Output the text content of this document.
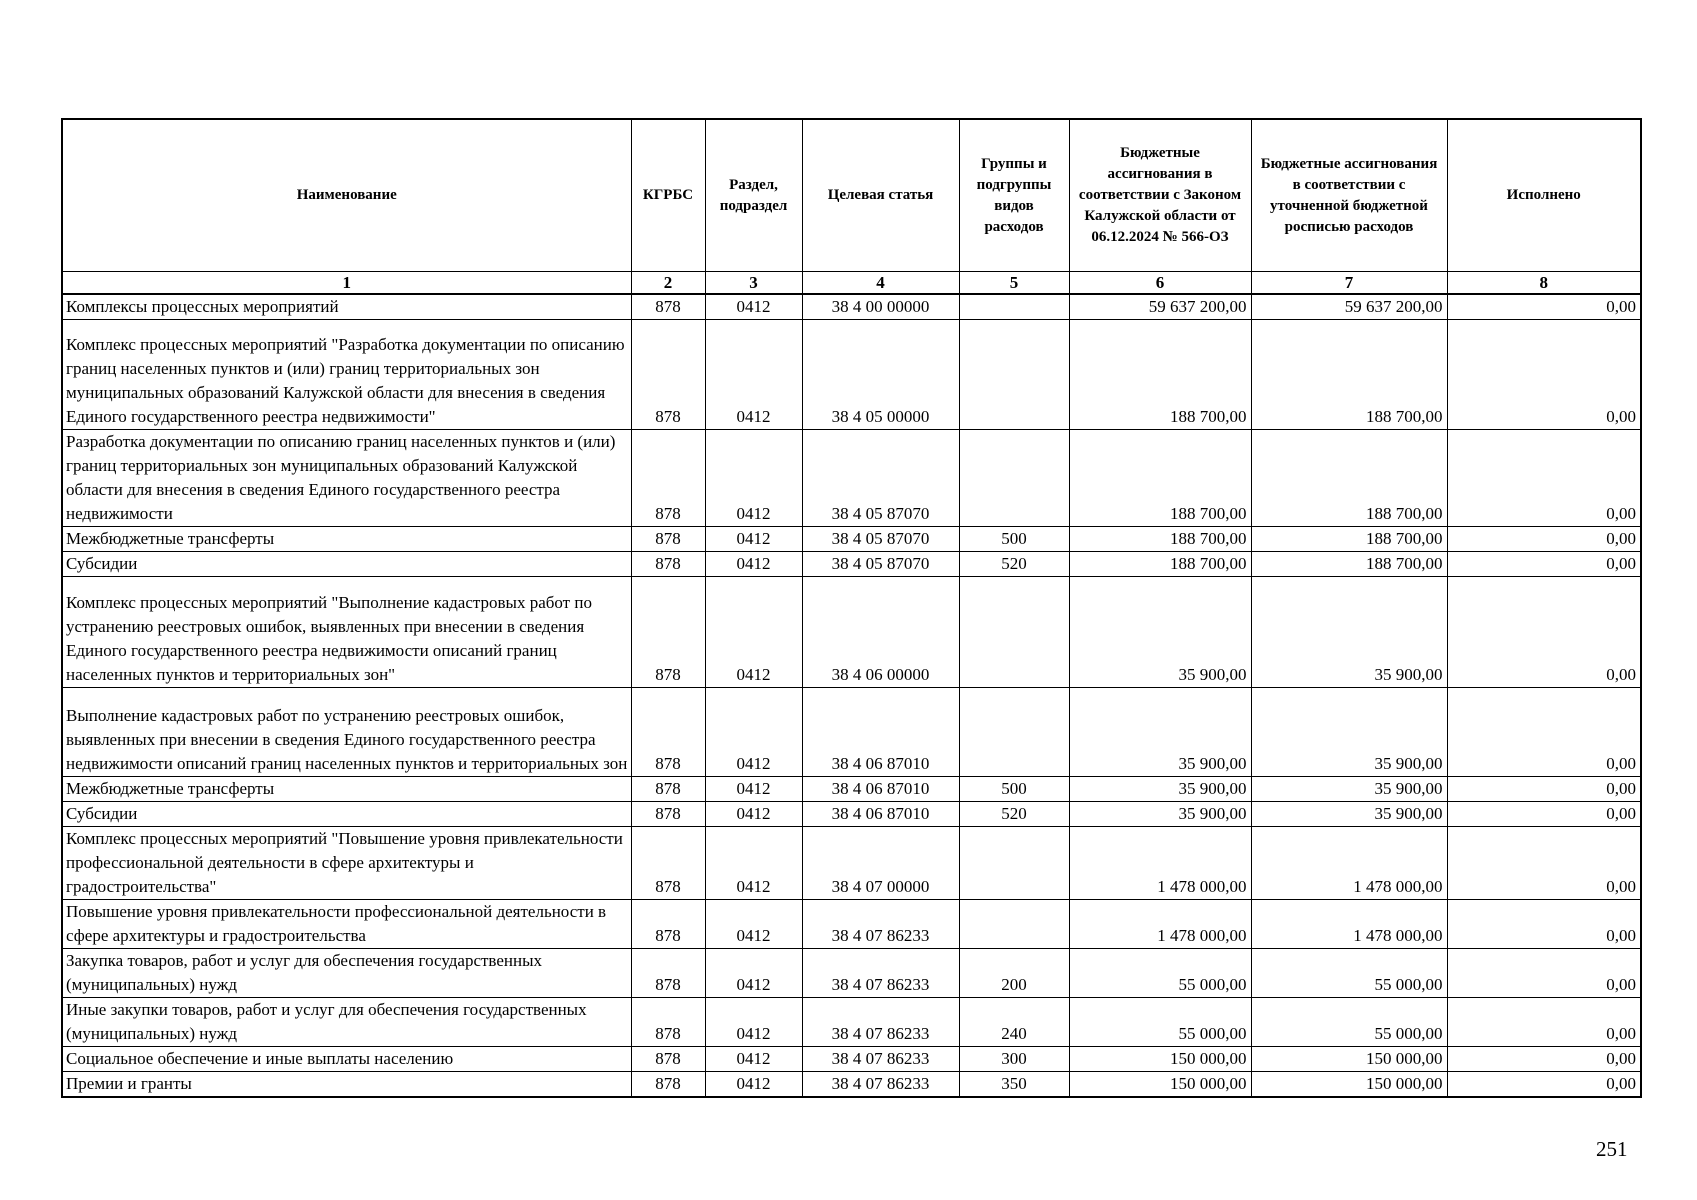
Наименование	КГРБС	Раздел, подраздел	Целевая статья	Группы и подгруппы видов расходов	Бюджетные ассигнования в соответствии с Законом Калужской области от 06.12.2024 № 566-ОЗ	Бюджетные ассигнования в соответствии с уточненной бюджетной росписью расходов	Исполнено
1	2	3	4	5	6	7	8
Комплексы процессных мероприятий	878	0412	38 4 00 00000		59 637 200,00	59 637 200,00	0,00
Комплекс процессных мероприятий "Разработка документации по описанию границ населенных пунктов и (или) границ территориальных зон муниципальных образований Калужской области для внесения в сведения Единого государственного реестра недвижимости"	878	0412	38 4 05 00000		188 700,00	188 700,00	0,00
Разработка документации по описанию границ населенных пунктов и (или) границ территориальных зон муниципальных образований Калужской области для внесения в сведения Единого государственного реестра недвижимости	878	0412	38 4 05 87070		188 700,00	188 700,00	0,00
Межбюджетные трансферты	878	0412	38 4 05 87070	500	188 700,00	188 700,00	0,00
Субсидии	878	0412	38 4 05 87070	520	188 700,00	188 700,00	0,00
Комплекс процессных мероприятий "Выполнение кадастровых работ по устранению реестровых ошибок, выявленных при внесении в сведения Единого государственного реестра недвижимости описаний границ населенных пунктов и территориальных зон"	878	0412	38 4 06 00000		35 900,00	35 900,00	0,00
Выполнение кадастровых работ по устранению реестровых ошибок, выявленных при внесении в сведения Единого государственного реестра недвижимости описаний границ населенных пунктов и территориальных зон	878	0412	38 4 06 87010		35 900,00	35 900,00	0,00
Межбюджетные трансферты	878	0412	38 4 06 87010	500	35 900,00	35 900,00	0,00
Субсидии	878	0412	38 4 06 87010	520	35 900,00	35 900,00	0,00
Комплекс процессных мероприятий "Повышение уровня привлекательности профессиональной деятельности в сфере архитектуры и градостроительства"	878	0412	38 4 07 00000		1 478 000,00	1 478 000,00	0,00
Повышение уровня привлекательности профессиональной деятельности в сфере архитектуры и градостроительства	878	0412	38 4 07 86233		1 478 000,00	1 478 000,00	0,00
Закупка товаров, работ и услуг для обеспечения государственных (муниципальных) нужд	878	0412	38 4 07 86233	200	55 000,00	55 000,00	0,00
Иные закупки товаров, работ и услуг для обеспечения государственных (муниципальных) нужд	878	0412	38 4 07 86233	240	55 000,00	55 000,00	0,00
Социальное обеспечение и иные выплаты населению	878	0412	38 4 07 86233	300	150 000,00	150 000,00	0,00
Премии и гранты	878	0412	38 4 07 86233	350	150 000,00	150 000,00	0,00
251
